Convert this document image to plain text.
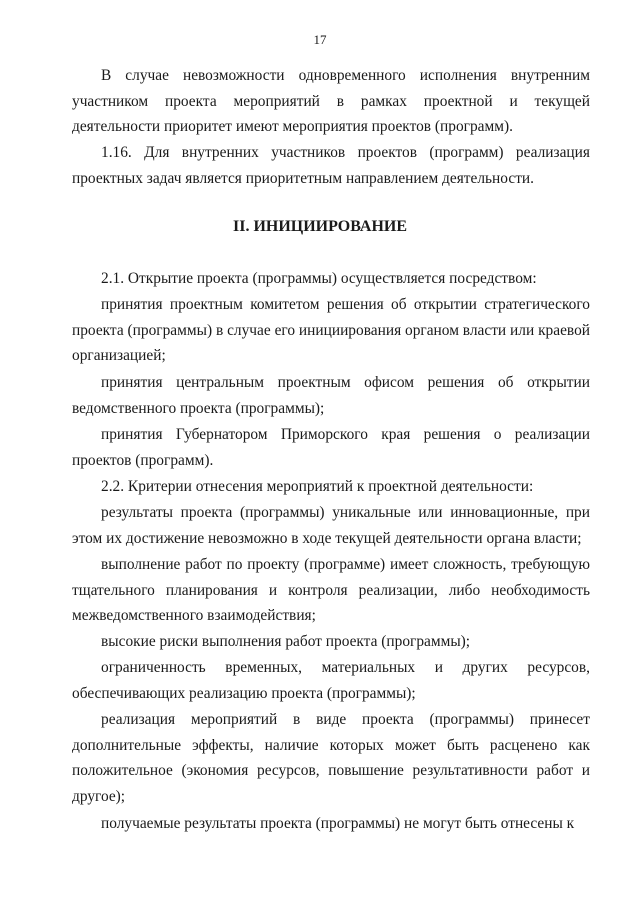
17
В случае невозможности одновременного исполнения внутренним участником проекта мероприятий в рамках проектной и текущей деятельности приоритет имеют мероприятия проектов (программ).
1.16. Для внутренних участников проектов (программ) реализация проектных задач является приоритетным направлением деятельности.
II. ИНИЦИИРОВАНИЕ
2.1. Открытие проекта (программы) осуществляется посредством:
принятия проектным комитетом решения об открытии стратегического проекта (программы) в случае его инициирования органом власти или краевой организацией;
принятия центральным проектным офисом решения об открытии ведомственного проекта (программы);
принятия Губернатором Приморского края решения о реализации проектов (программ).
2.2. Критерии отнесения мероприятий к проектной деятельности:
результаты проекта (программы) уникальные или инновационные, при этом их достижение невозможно в ходе текущей деятельности органа власти;
выполнение работ по проекту (программе) имеет сложность, требующую тщательного планирования и контроля реализации, либо необходимость межведомственного взаимодействия;
высокие риски выполнения работ проекта (программы);
ограниченность временных, материальных и других ресурсов, обеспечивающих реализацию проекта (программы);
реализация мероприятий в виде проекта (программы) принесет дополнительные эффекты, наличие которых может быть расценено как положительное (экономия ресурсов, повышение результативности работ и другое);
получаемые результаты проекта (программы) не могут быть отнесены к
